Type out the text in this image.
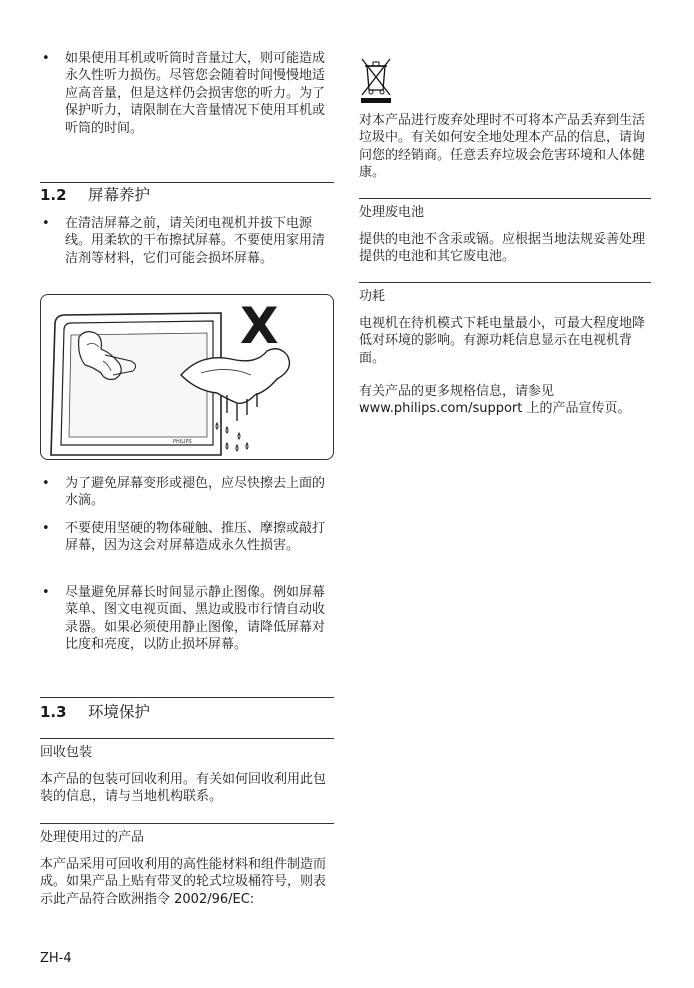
• 如果使用耳机或听筒时音量过大，则可能造成永久性听力损伤。尽管您会随着时间慢慢地适应高音量，但是这样仍会损害您的听力。为了保护听力，请限制在大音量情况下使用耳机或听筒的时间。
1.2 屏幕养护
• 在清洁屏幕之前，请关闭电视机并拔下电源线。用柔软的干布擦拭屏幕。不要使用家用清洁剂等材料，它们可能会损坏屏幕。
PHILIPS
X
• 为了避免屏幕变形或褪色，应尽快擦去上面的水滴。
• 不要使用坚硬的物体碰触、推压、摩擦或敲打屏幕，因为这会对屏幕造成永久性损害。
• 尽量避免屏幕长时间显示静止图像。例如屏幕菜单、图文电视页面、黑边或股市行情自动收录器。如果必须使用静止图像，请降低屏幕对比度和亮度，以防止损坏屏幕。
1.3 环境保护
回收包装
本产品的包装可回收利用。有关如何回收利用此包装的信息，请与当地机构联系。
处理使用过的产品
本产品采用可回收利用的高性能材料和组件制造而成。如果产品上贴有带叉的轮式垃圾桶符号，则表示此产品符合欧洲指令 2002/96/EC:
对本产品进行废弃处理时不可将本产品丢弃到生活垃圾中。有关如何安全地处理本产品的信息，请询问您的经销商。任意丢弃垃圾会危害环境和人体健康。
处理废电池
提供的电池不含汞或镉。应根据当地法规妥善处理提供的电池和其它废电池。
功耗
电视机在待机模式下耗电量最小，可最大程度地降低对环境的影响。有源功耗信息显示在电视机背面。
有关产品的更多规格信息，请参见 www.philips.com/support 上的产品宣传页。
ZH-4
